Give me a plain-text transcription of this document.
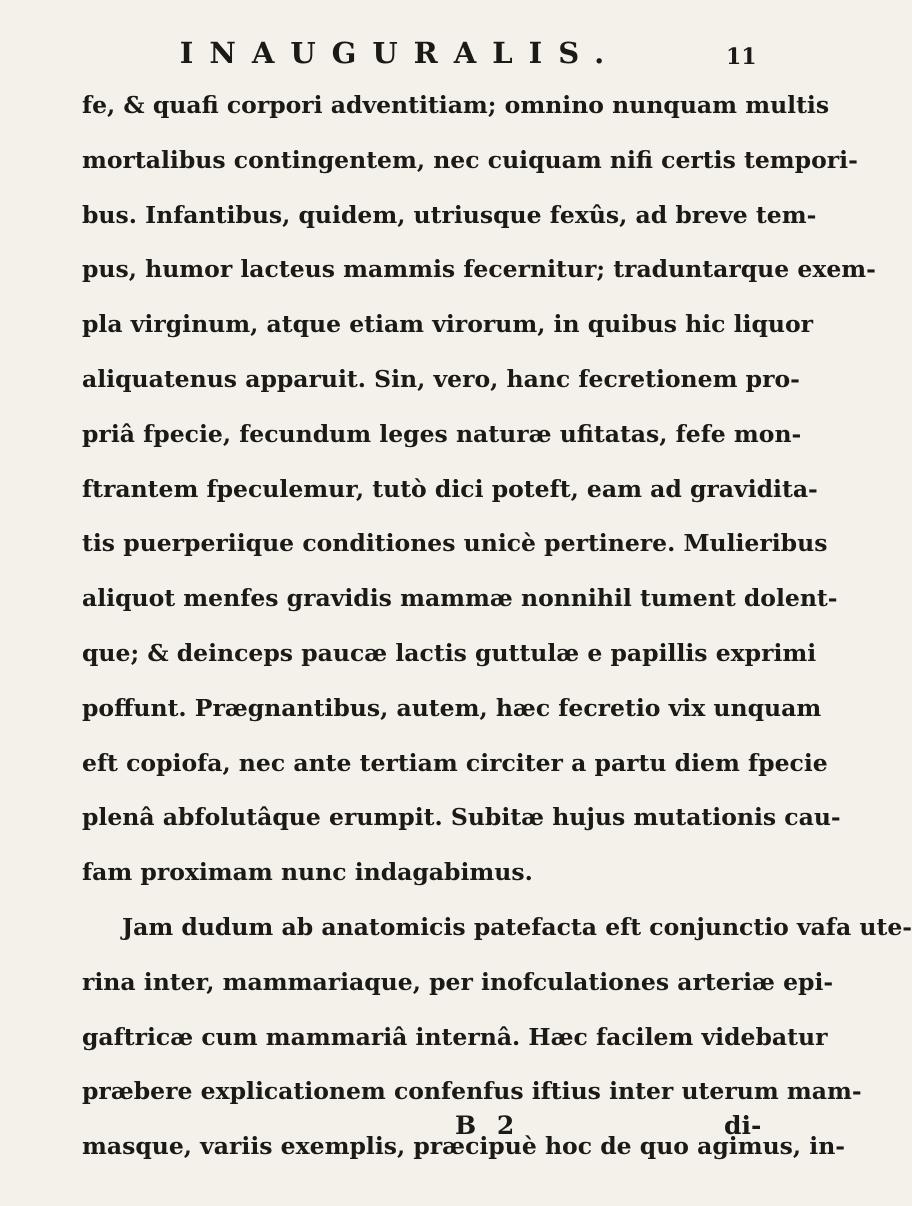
INAUGURALIS.	11
fe, & quafi corpori adventitiam; omnino nunquam multis
mortalibus contingentem, nec cuiquam nifi certis tempori-
bus. Infantibus, quidem, utriusque fexûs, ad breve tem-
pus, humor lacteus mammis fecernitur; traduntarque exem-
pla virginum, atque etiam virorum, in quibus hic liquor
aliquatenus apparuit. Sin, vero, hanc fecretionem pro-
priâ fpecie, fecundum leges naturæ ufitatas, fefe mon-
ftrantem fpeculemur, tutò dici poteft, eam ad gravidita-
tis puerperiique conditiones unicè pertinere. Mulieribus
aliquot menfes gravidis mammæ nonnihil tument dolent-
que; & deinceps paucæ lactis guttulæ e papillis exprimi
poffunt. Prægnantibus, autem, hæc fecretio vix unquam
eft copiofa, nec ante tertiam circiter a partu diem fpecie
plenâ abfolutâque erumpit. Subitæ hujus mutationis cau-
fam proximam nunc indagabimus.
Jam dudum ab anatomicis patefacta eft conjunctio vafa ute-
rina inter, mammariaque, per inofculationes arteriæ epi-
gaftricæ cum mammariâ internâ. Hæc facilem videbatur
præbere explicationem confenfus iftius inter uterum mam-
masque, variis exemplis, præcipuè hoc de quo agimus, in-
B 2	di-
